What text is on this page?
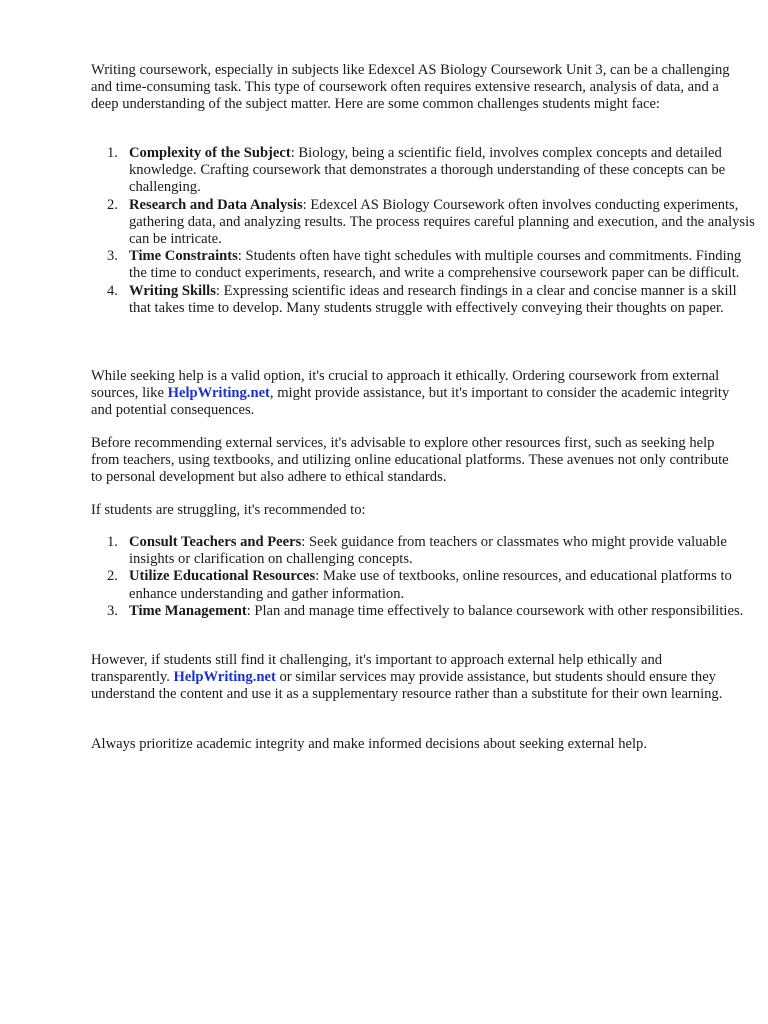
Writing coursework, especially in subjects like Edexcel AS Biology Coursework Unit 3, can be a challenging and time-consuming task. This type of coursework often requires extensive research, analysis of data, and a deep understanding of the subject matter. Here are some common challenges students might face:

1. Complexity of the Subject: Biology, being a scientific field, involves complex concepts and detailed knowledge. Crafting coursework that demonstrates a thorough understanding of these concepts can be challenging.
2. Research and Data Analysis: Edexcel AS Biology Coursework often involves conducting experiments, gathering data, and analyzing results. The process requires careful planning and execution, and the analysis can be intricate.
3. Time Constraints: Students often have tight schedules with multiple courses and commitments. Finding the time to conduct experiments, research, and write a comprehensive coursework paper can be difficult.
4. Writing Skills: Expressing scientific ideas and research findings in a clear and concise manner is a skill that takes time to develop. Many students struggle with effectively conveying their thoughts on paper.

While seeking help is a valid option, it's crucial to approach it ethically. Ordering coursework from external sources, like HelpWriting.net, might provide assistance, but it's important to consider the academic integrity and potential consequences.

Before recommending external services, it's advisable to explore other resources first, such as seeking help from teachers, using textbooks, and utilizing online educational platforms. These avenues not only contribute to personal development but also adhere to ethical standards.

If students are struggling, it's recommended to:

1. Consult Teachers and Peers: Seek guidance from teachers or classmates who might provide valuable insights or clarification on challenging concepts.
2. Utilize Educational Resources: Make use of textbooks, online resources, and educational platforms to enhance understanding and gather information.
3. Time Management: Plan and manage time effectively to balance coursework with other responsibilities.

However, if students still find it challenging, it's important to approach external help ethically and transparently. HelpWriting.net or similar services may provide assistance, but students should ensure they understand the content and use it as a supplementary resource rather than a substitute for their own learning.

Always prioritize academic integrity and make informed decisions about seeking external help.
